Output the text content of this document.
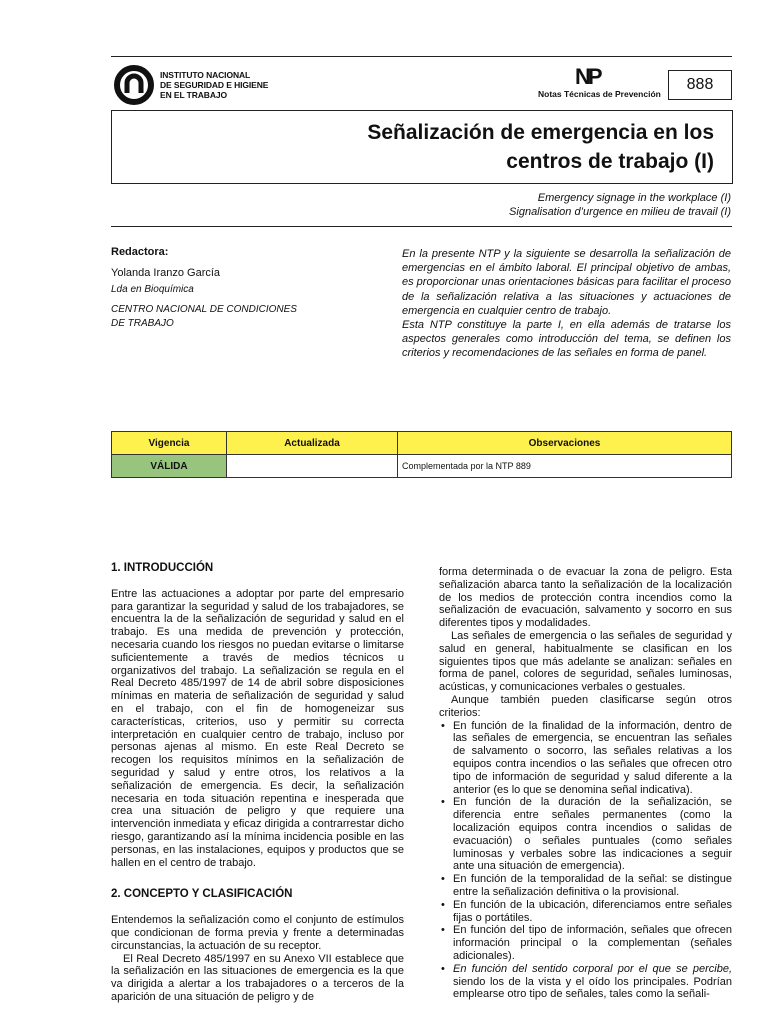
INSTITUTO NACIONAL
DE SEGURIDAD E HIGIENE
EN EL TRABAJO
NP
Notas Técnicas de Prevención
888
Señalización de emergencia en los
centros de trabajo (I)
Emergency signage in the workplace (I)
Signalisation d’urgence en milieu de travail (I)
Redactora:
Yolanda Iranzo García
Lda en Bioquímica
CENTRO NACIONAL DE CONDICIONES
DE TRABAJO
En la presente NTP y la siguiente se desarrolla la señalización de emergencias en el ámbito laboral. El principal objetivo de ambas, es proporcionar unas orientaciones básicas para facilitar el proceso de la señalización relativa a las situaciones y actuaciones de emergencia en cualquier centro de trabajo.
Esta NTP constituye la parte I, en ella además de tratarse los aspectos generales como introducción del tema, se definen los criterios y recomendaciones de las señales en forma de panel.
Vigencia	Actualizada	Observaciones
VÁLIDA		Complementada por la NTP 889
1. INTRODUCCIÓN

Entre las actuaciones a adoptar por parte del empresario para garantizar la seguridad y salud de los trabajadores, se encuentra la de la señalización de seguridad y salud en el trabajo. Es una medida de prevención y protección, necesaria cuando los riesgos no puedan evitarse o limitarse suficientemente a través de medios técnicos u organizativos del trabajo. La señalización se regula en el Real Decreto 485/1997 de 14 de abril sobre disposiciones mínimas en materia de señalización de seguridad y salud en el trabajo, con el fin de homogeneizar sus características, criterios, uso y permitir su correcta interpretación en cualquier centro de trabajo, incluso por personas ajenas al mismo. En este Real Decreto se recogen los requisitos mínimos en la señalización de seguridad y salud y entre otros, los relativos a la señalización de emergencia. Es decir, la señalización necesaria en toda situación repentina e inesperada que crea una situación de peligro y que requiere una intervención inmediata y eficaz dirigida a contrarrestar dicho riesgo, garantizando así la mínima incidencia posible en las personas, en las instalaciones, equipos y productos que se hallen en el centro de trabajo.

2. CONCEPTO Y CLASIFICACIÓN

Entendemos la señalización como el conjunto de estímulos que condicionan de forma previa y frente a determinadas circunstancias, la actuación de su receptor.

El Real Decreto 485/1997 en su Anexo VII establece que la señalización en las situaciones de emergencia es la que va dirigida a alertar a los trabajadores o a terceros de la aparición de una situación de peligro y de

forma determinada o de evacuar la zona de peligro. Esta señalización abarca tanto la señalización de la localización de los medios de protección contra incendios como la señalización de evacuación, salvamento y socorro en sus diferentes tipos y modalidades.

Las señales de emergencia o las señales de seguridad y salud en general, habitualmente se clasifican en los siguientes tipos que más adelante se analizan: señales en forma de panel, colores de seguridad, señales luminosas, acústicas, y comunicaciones verbales o gestuales.

Aunque también pueden clasificarse según otros criterios:

• En función de la finalidad de la información, dentro de las señales de emergencia, se encuentran las señales de salvamento o socorro, las señales relativas a los equipos contra incendios o las señales que ofrecen otro tipo de información de seguridad y salud diferente a la anterior (es lo que se denomina señal indicativa).
• En función de la duración de la señalización, se diferencia entre señales permanentes (como la localización equipos contra incendios o salidas de evacuación) o señales puntuales (como señales luminosas y verbales sobre las indicaciones a seguir ante una situación de emergencia).
• En función de la temporalidad de la señal: se distingue entre la señalización definitiva o la provisional.
• En función de la ubicación, diferenciamos entre señales fijas o portátiles.
• En función del tipo de información, señales que ofrecen información principal o la complementan (señales adicionales).
• En función del sentido corporal por el que se percibe, siendo los de la vista y el oído los principales. Podrían emplearse otro tipo de señales, tales como la señali-
